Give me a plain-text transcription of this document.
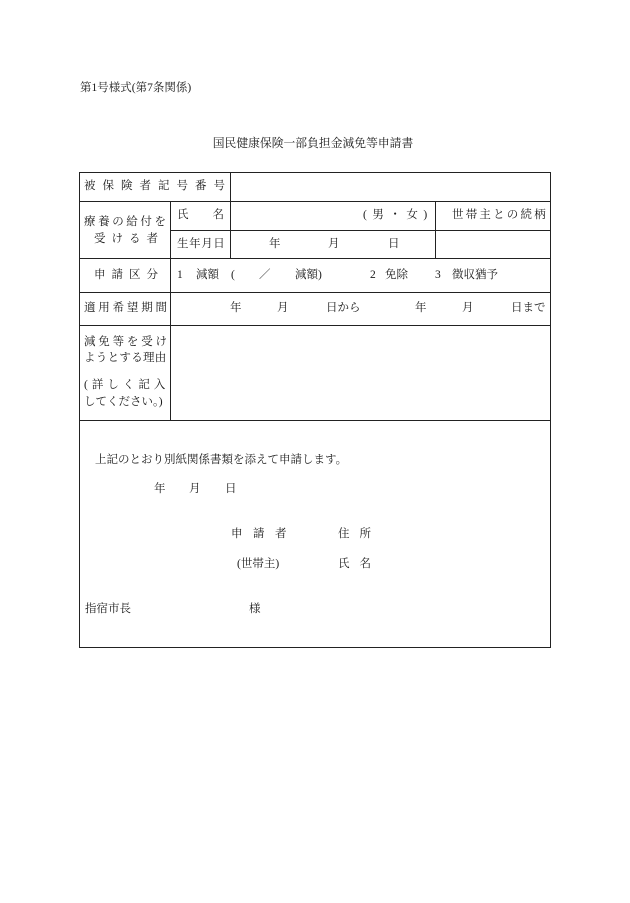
第1号様式(第7条関係)
国民健康保険一部負担金減免等申請書
被保険者記号番号
療養の給付を
受ける者
氏名	(男・女) 世帯主との続柄
生年月日	年	月	日
申請区分 1 減額 ( ／ 減額)	2 免除 3 徴収猶予
適用希望期間	年	月	日から	年	月	日まで
減免等を受け
ようとする理由
(詳しく記入
してください。)
上記のとおり別紙関係書類を添えて申請します。
年 月 日
申請者	住所
(世帯主)	氏名
指宿市長	様
